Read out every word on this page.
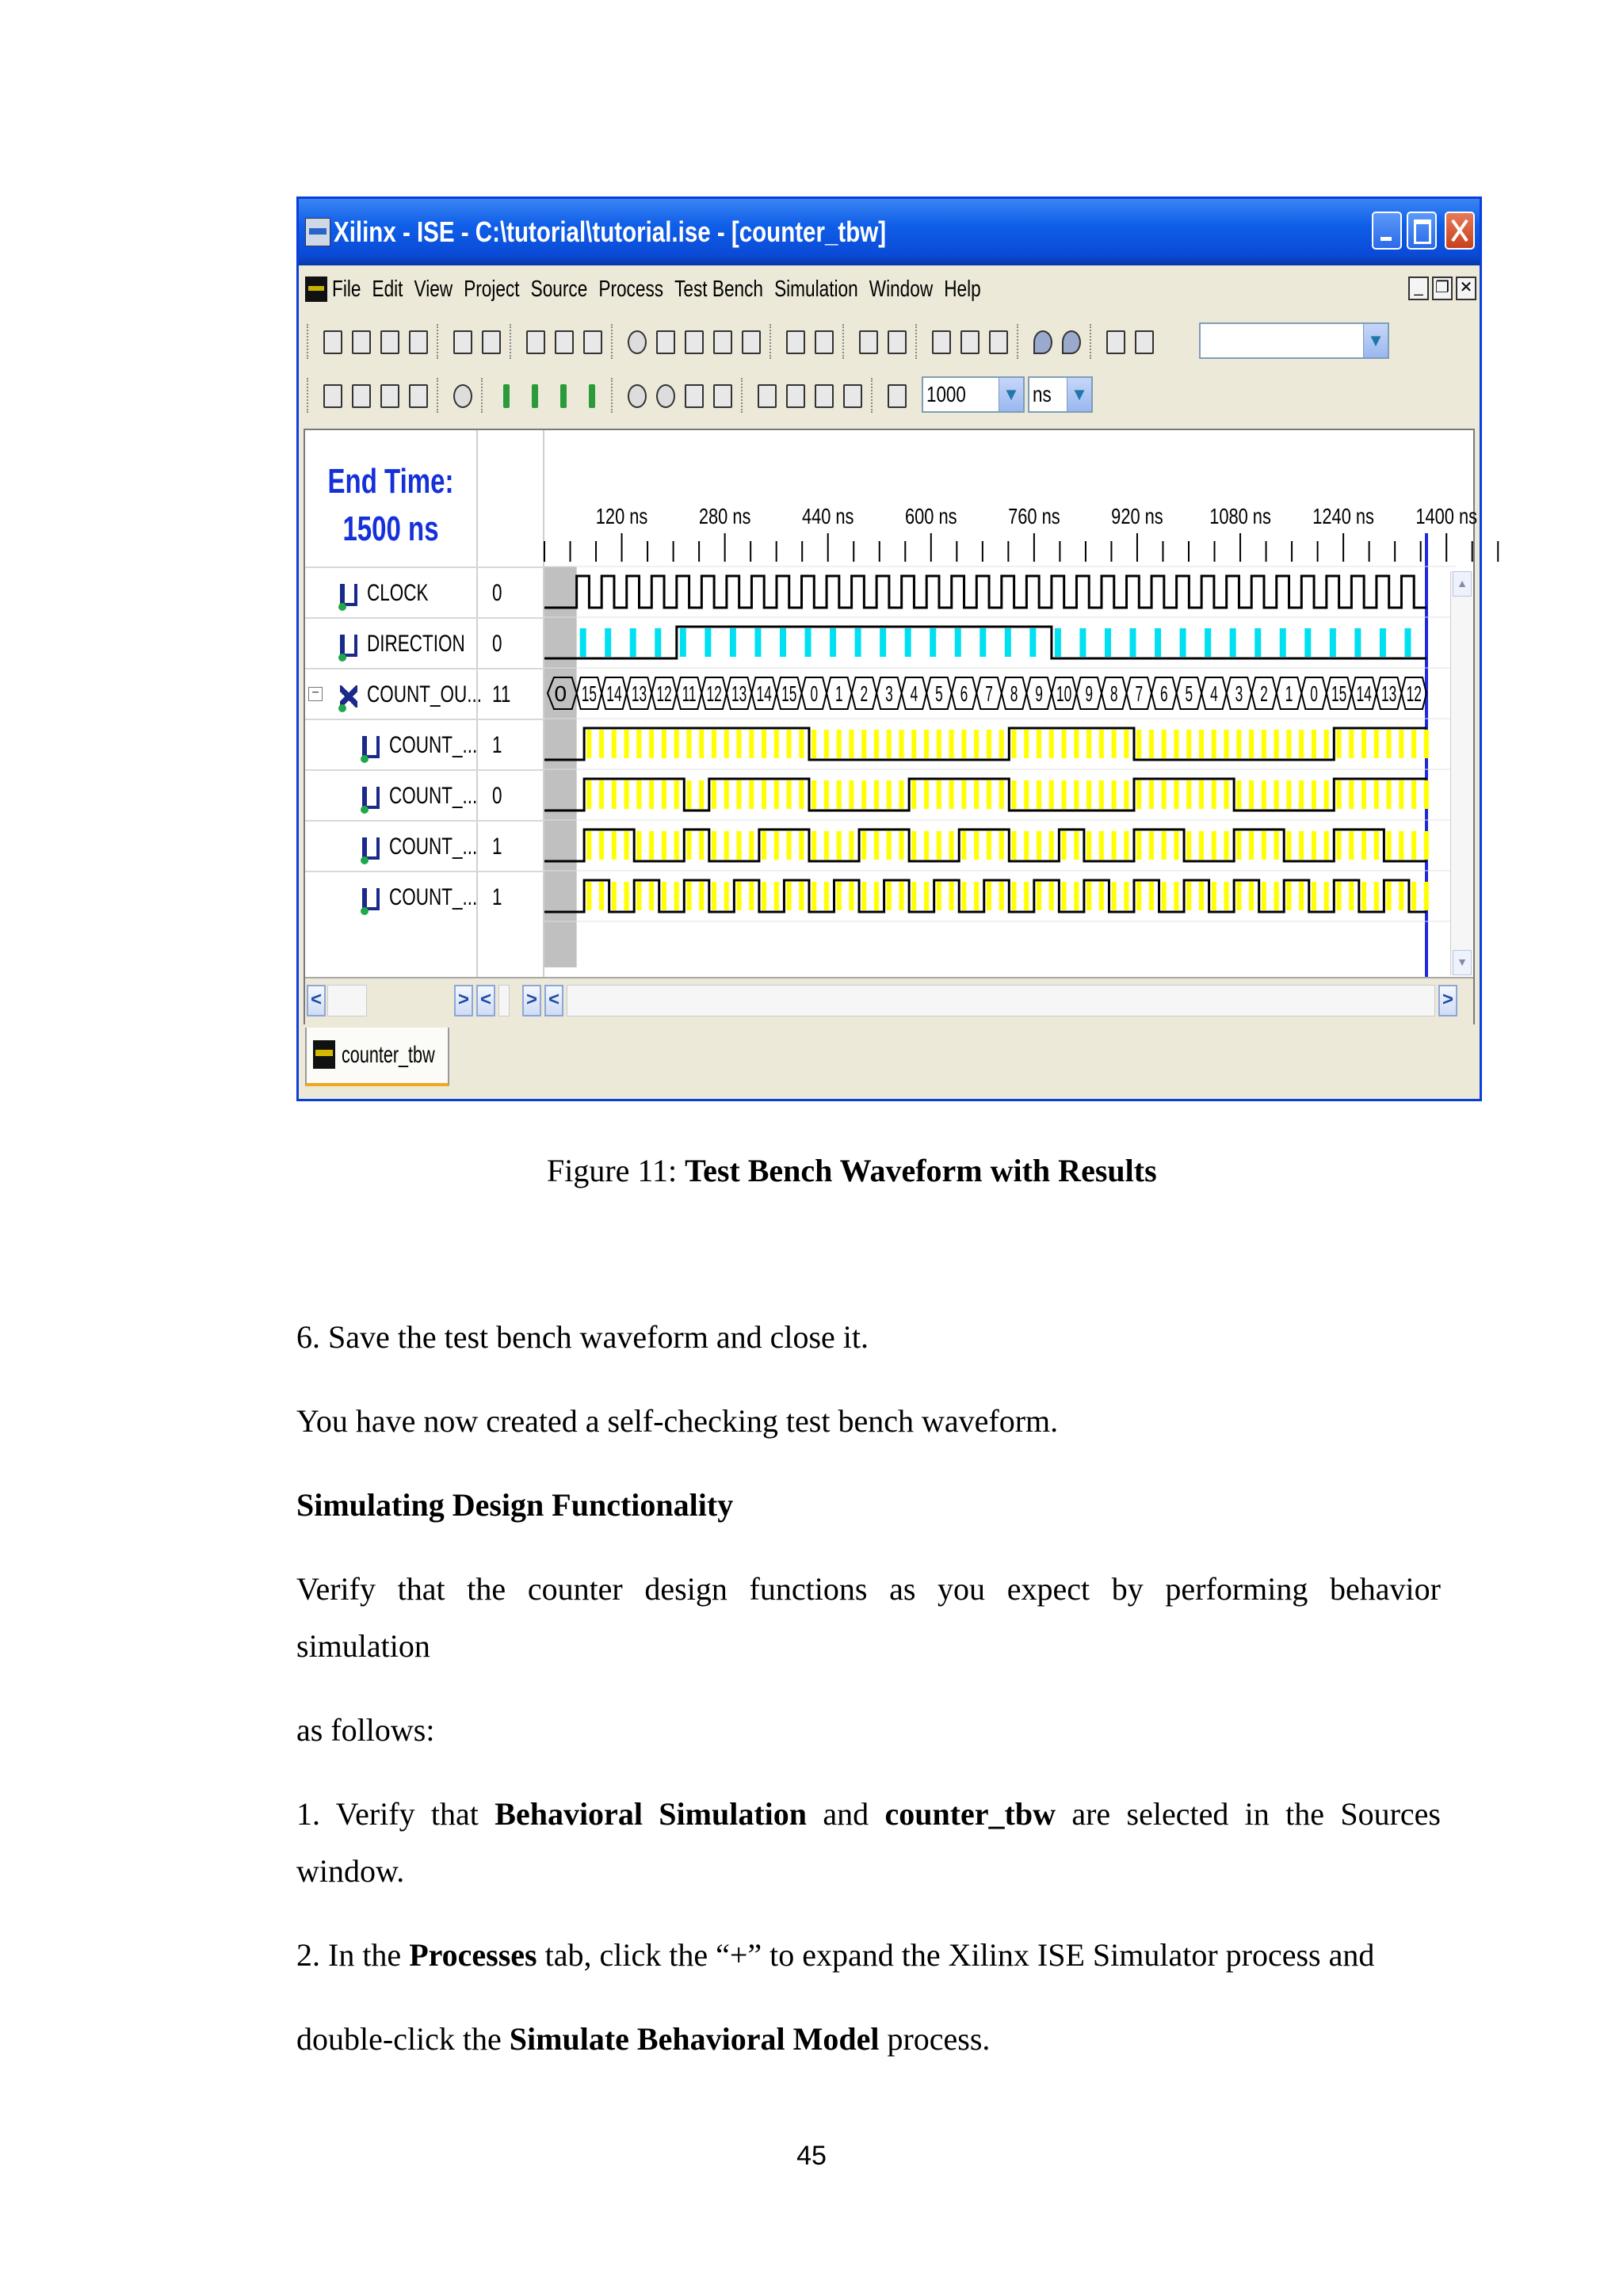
Xilinx - ISE - C:\tutorial\tutorial.ise - [counter_tbw]
File Edit View Project Source Process Test Bench Simulation Window Help	_ ❐ ✕
▼
1000 ▼ ns ▼
End Time:
1500 ns
CLOCK	0
DIRECTION 0
− COUNT_OU... 11
COUNT_... 1
COUNT_... 0
COUNT_... 1
COUNT_... 1
120 ns 280 ns 440 ns 600 ns 760 ns 920 ns 1080 ns 1240 ns 1400 ns
0 15 14 13 12 11 12 13 14 15 0 1 2 3 4 5 6 7 8 9 10 9 8 7 6 5 4 3 2 1 0 15 14 13 12
▲
▼
<	> < > <	>
counter_tbw
Figure 11: Test Bench Waveform with Results
6. Save the test bench waveform and close it.
You have now created a self-checking test bench waveform.
Simulating Design Functionality
Verify that the counter design functions as you expect by performing behavior
simulation
as follows:
1. Verify that Behavioral Simulation and counter_tbw are selected in the Sources
window.
2. In the Processes tab, click the “+” to expand the Xilinx ISE Simulator process and
double-click the Simulate Behavioral Model process.
45
